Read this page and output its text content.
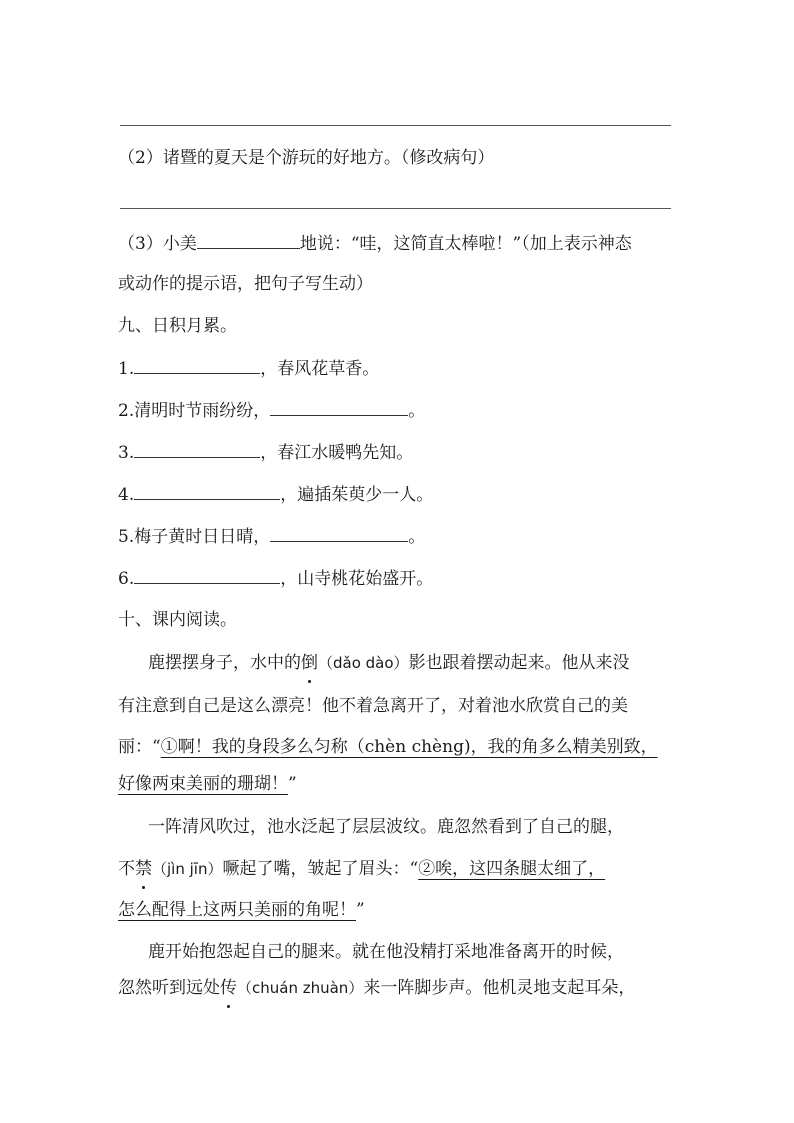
（2）诸暨的夏天是个游玩的好地方。（修改病句）
（3）小美	地说：“哇，这简直太棒啦！”（加上表示神态
或动作的提示语，把句子写生动）
九、日积月累。
1.	，春风花草香。
2.清明时节雨纷纷，	。
3.	，春江水暖鸭先知。
4.	，遍插茱萸少一人。
5.梅子黄时日日晴，	。
6.	，山寺桃花始盛开。
十、课内阅读。
鹿摆摆身子，水中的倒（dǎo dào）影也跟着摆动起来。他从来没
有注意到自己是这么漂亮！他不着急离开了，对着池水欣赏自己的美
丽：“①啊！我的身段多么匀称（chèn chèng)，我的角多么精美别致，
好像两束美丽的珊瑚！”
一阵清风吹过，池水泛起了层层波纹。鹿忽然看到了自己的腿，
不禁（jìn jīn）噘起了嘴，皱起了眉头：“②唉，这四条腿太细了，
怎么配得上这两只美丽的角呢！”
鹿开始抱怨起自己的腿来。就在他没精打采地准备离开的时候，
忽然听到远处传（chuán zhuàn）来一阵脚步声。他机灵地支起耳朵，
